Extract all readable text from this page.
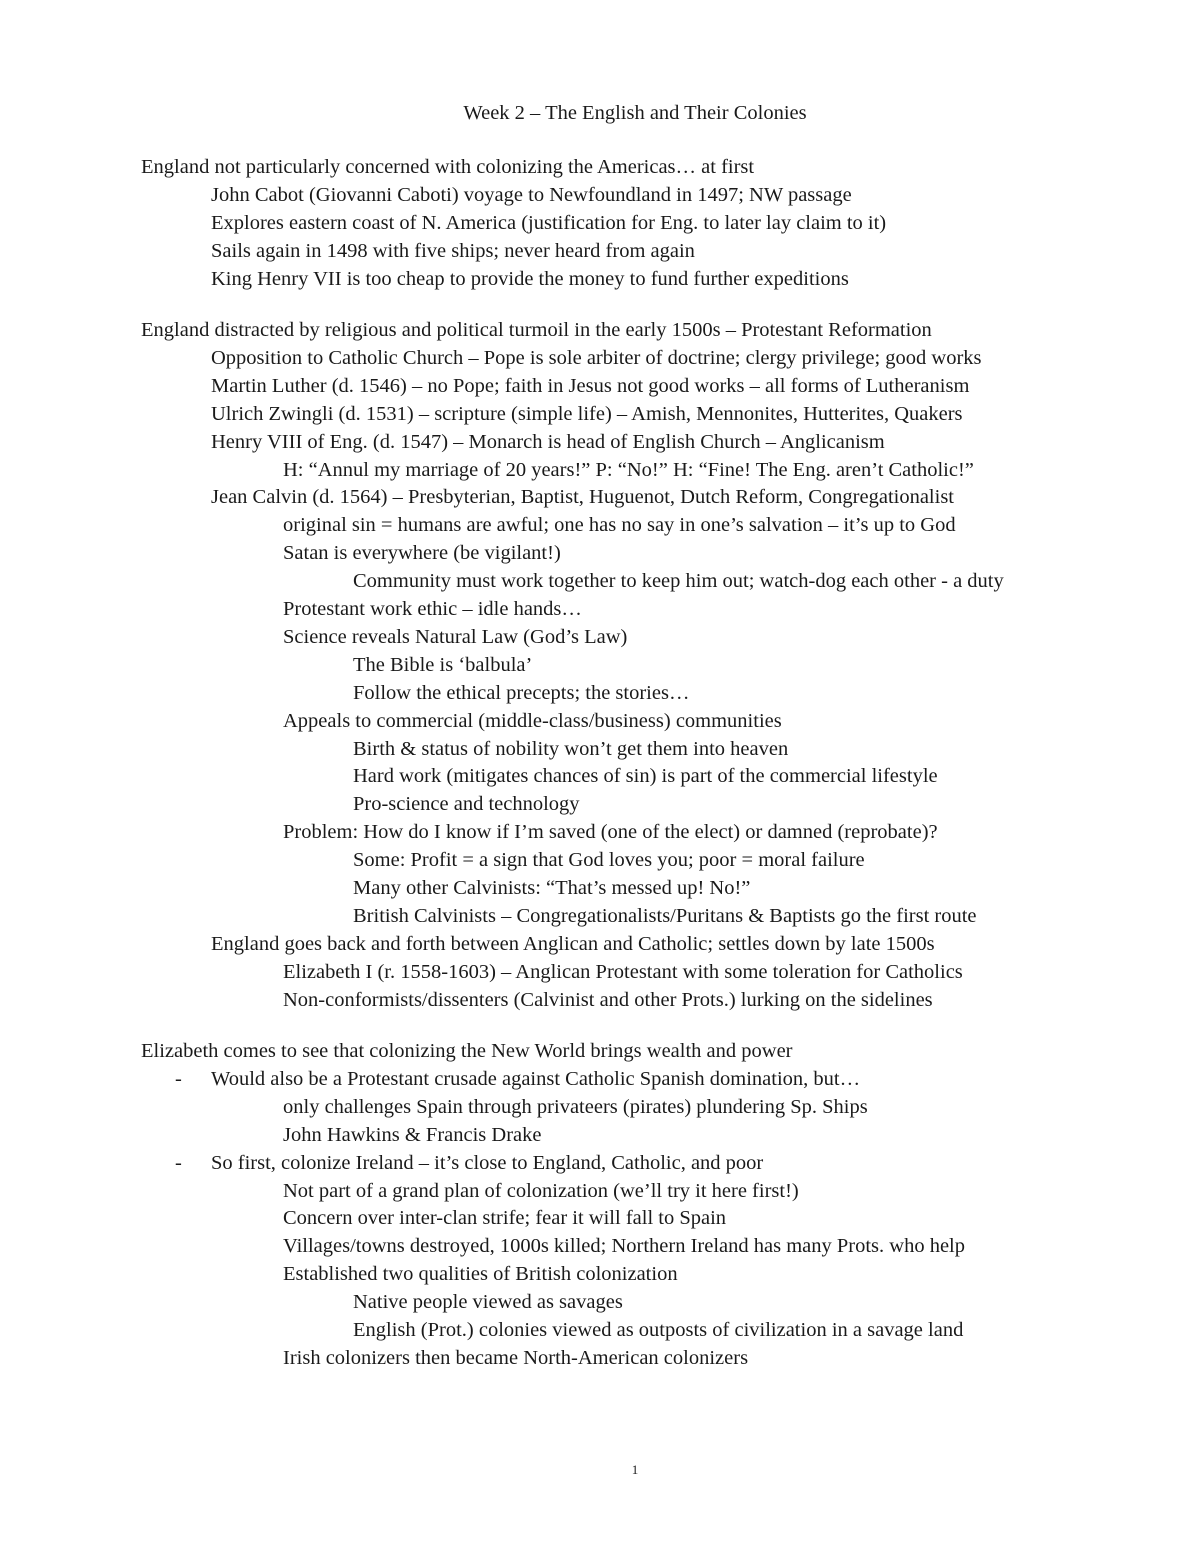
Week 2 – The English and Their Colonies
England not particularly concerned with colonizing the Americas… at first
John Cabot (Giovanni Caboti) voyage to Newfoundland in 1497; NW passage
Explores eastern coast of N. America (justification for Eng. to later lay claim to it)
Sails again in 1498 with five ships; never heard from again
King Henry VII is too cheap to provide the money to fund further expeditions
England distracted by religious and political turmoil in the early 1500s – Protestant Reformation
Opposition to Catholic Church – Pope is sole arbiter of doctrine; clergy privilege; good works
Martin Luther (d. 1546) – no Pope; faith in Jesus not good works – all forms of Lutheranism
Ulrich Zwingli (d. 1531) – scripture (simple life) – Amish, Mennonites, Hutterites, Quakers
Henry VIII of Eng. (d. 1547) – Monarch is head of English Church – Anglicanism
H: “Annul my marriage of 20 years!” P: “No!” H: “Fine! The Eng. aren’t Catholic!”
Jean Calvin (d. 1564) – Presbyterian, Baptist, Huguenot, Dutch Reform, Congregationalist
original sin = humans are awful; one has no say in one’s salvation – it’s up to God
Satan is everywhere (be vigilant!)
Community must work together to keep him out; watch-dog each other - a duty
Protestant work ethic – idle hands…
Science reveals Natural Law (God’s Law)
The Bible is ‘balbula’
Follow the ethical precepts; the stories…
Appeals to commercial (middle-class/business) communities
Birth & status of nobility won’t get them into heaven
Hard work (mitigates chances of sin) is part of the commercial lifestyle
Pro-science and technology
Problem: How do I know if I’m saved (one of the elect) or damned (reprobate)?
Some: Profit = a sign that God loves you; poor = moral failure
Many other Calvinists: “That’s messed up! No!”
British Calvinists – Congregationalists/Puritans & Baptists go the first route
England goes back and forth between Anglican and Catholic; settles down by late 1500s
Elizabeth I (r. 1558-1603) – Anglican Protestant with some toleration for Catholics
Non-conformists/dissenters (Calvinist and other Prots.) lurking on the sidelines
Elizabeth comes to see that colonizing the New World brings wealth and power
- Would also be a Protestant crusade against Catholic Spanish domination, but…
only challenges Spain through privateers (pirates) plundering Sp. Ships
John Hawkins & Francis Drake
- So first, colonize Ireland – it’s close to England, Catholic, and poor
Not part of a grand plan of colonization (we’ll try it here first!)
Concern over inter-clan strife; fear it will fall to Spain
Villages/towns destroyed, 1000s killed; Northern Ireland has many Prots. who help
Established two qualities of British colonization
Native people viewed as savages
English (Prot.) colonies viewed as outposts of civilization in a savage land
Irish colonizers then became North-American colonizers
1
